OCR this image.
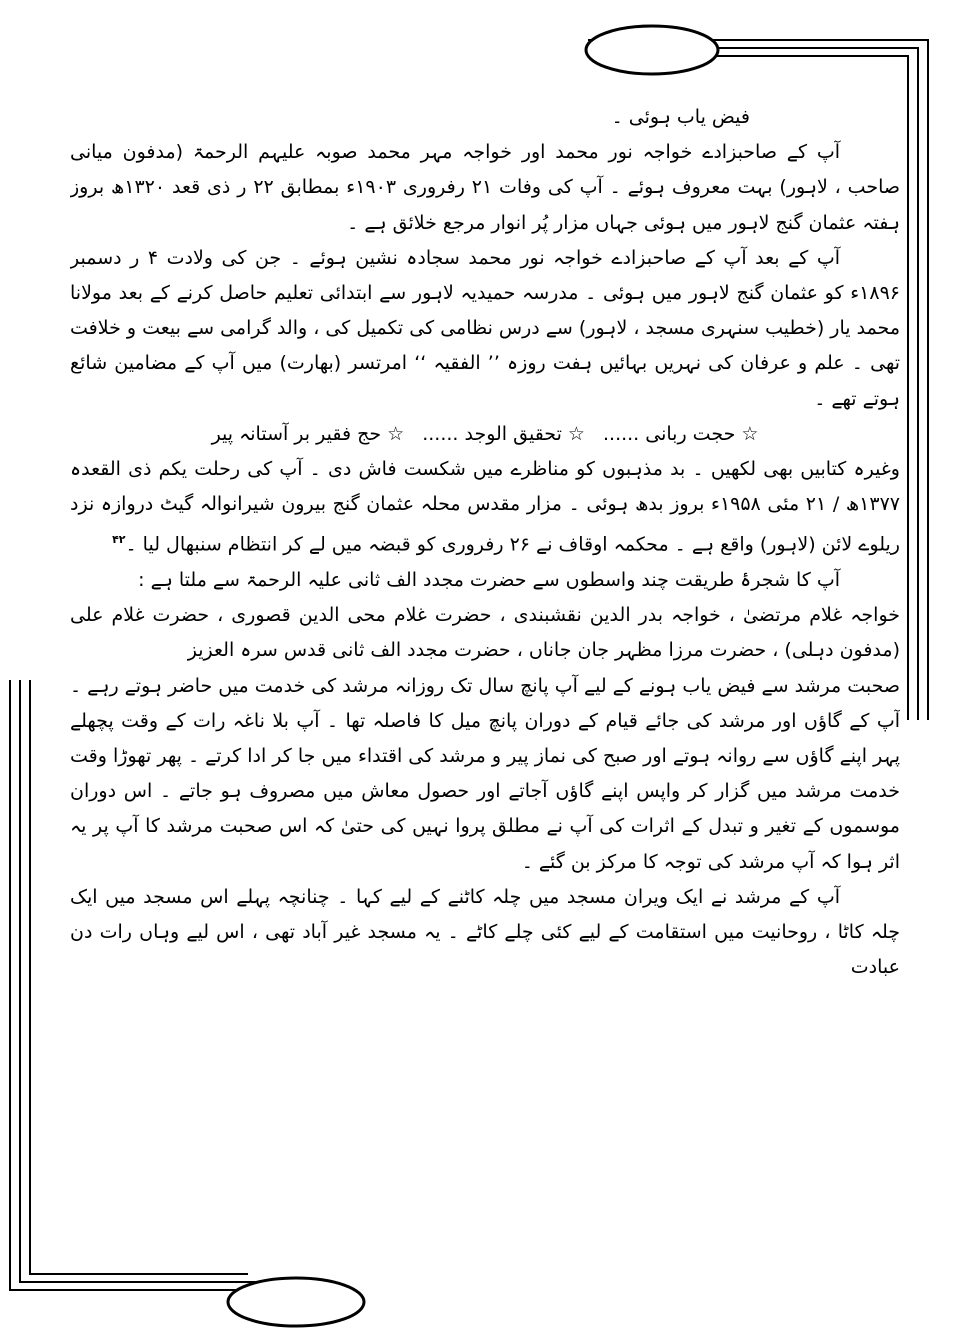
فیض یاب ہوئی ۔

آپ کے صاحبزادے خواجہ نور محمد اور خواجہ مہر محمد صوبہ علیہم الرحمۃ (مدفون میانی صاحب ، لاہور) بہت معروف ہوئے ۔ آپ کی وفات ۲۱ رفروری ۱۹۰۳ء بمطابق ۲۲ ر ذی قعد ۱۳۲۰ھ بروز ہفتہ عثمان گنج لاہور میں ہوئی جہاں مزار پُر انوار مرجع خلائق ہے ۔

آپ کے بعد آپ کے صاحبزادے خواجہ نور محمد سجادہ نشین ہوئے ۔ جن کی ولادت ۴ ر دسمبر ۱۸۹۶ء کو عثمان گنج لاہور میں ہوئی ۔ مدرسہ حمیدیہ لاہور سے ابتدائی تعلیم حاصل کرنے کے بعد مولانا محمد یار (خطیب سنہری مسجد ، لاہور) سے درس نظامی کی تکمیل کی ، والد گرامی سے بیعت و خلافت تھی ۔ علم و عرفان کی نہریں بہائیں ہفت روزہ ’’ الفقیہ ‘‘ امرتسر (بھارت) میں آپ کے مضامین شائع ہوتے تھے ۔

☆ حجت ربانی ...... ☆ تحقیق الوجد ...... ☆ حج فقیر بر آستانہ پیر

وغیرہ کتابیں بھی لکھیں ۔ بد مذہبوں کو مناظرے میں شکست فاش دی ۔ آپ کی رحلت یکم ذی القعدہ ۱۳۷۷ھ / ۲۱ مئی ۱۹۵۸ء بروز بدھ ہوئی ۔ مزار مقدس محلہ عثمان گنج بیرون شیرانوالہ گیٹ دروازہ نزد ریلوے لائن (لاہور) واقع ہے ۔ محکمہ اوقاف نے ۲۶ رفروری کو قبضہ میں لے کر انتظام سنبھال لیا ۔$^{۴۲}$

آپ کا شجرۂ طریقت چند واسطوں سے حضرت مجدد الف ثانی علیہ الرحمۃ سے ملتا ہے :

خواجہ غلام مرتضیٰ ، خواجہ بدر الدین نقشبندی ، حضرت غلام محی الدین قصوری ، حضرت غلام علی (مدفون دہلی) ، حضرت مرزا مظہر جان جاناں ، حضرت مجدد الف ثانی قدس سرہ العزیز

صحبت مرشد سے فیض یاب ہونے کے لیے آپ پانچ سال تک روزانہ مرشد کی خدمت میں حاضر ہوتے رہے ۔ آپ کے گاؤں اور مرشد کی جائے قیام کے دوران پانچ میل کا فاصلہ تھا ۔ آپ بلا ناغہ رات کے وقت پچھلے پہر اپنے گاؤں سے روانہ ہوتے اور صبح کی نماز پیر و مرشد کی اقتداء میں جا کر ادا کرتے ۔ پھر تھوڑا وقت خدمت مرشد میں گزار کر واپس اپنے گاؤں آجاتے اور حصول معاش میں مصروف ہو جاتے ۔ اس دوران موسموں کے تغیر و تبدل کے اثرات کی آپ نے مطلق پروا نہیں کی حتیٰ کہ اس صحبت مرشد کا آپ پر یہ اثر ہوا کہ آپ مرشد کی توجہ کا مرکز بن گئے ۔

آپ کے مرشد نے ایک ویران مسجد میں چلہ کاٹنے کے لیے کہا ۔ چنانچہ پہلے اس مسجد میں ایک چلہ کاٹا ، روحانیت میں استقامت کے لیے کئی چلے کاٹے ۔ یہ مسجد غیر آباد تھی ، اس لیے وہاں رات دن عبادت
